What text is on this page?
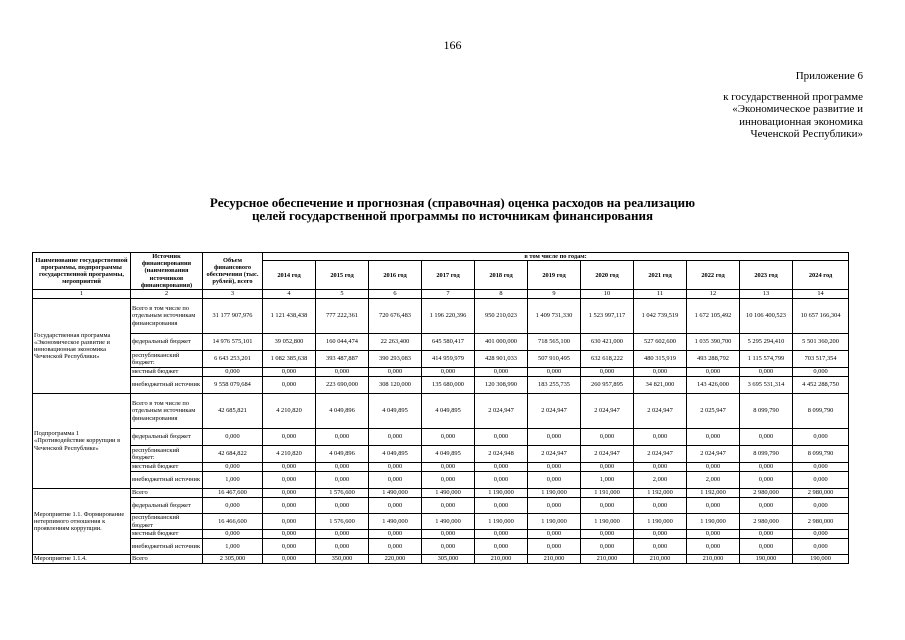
166
Приложение 6
к государственной программе
«Экономическое развитие и
инновационная экономика
Чеченской Республики»
Ресурсное обеспечение и прогнозная (справочная) оценка расходов на реализацию
целей государственной программы по источникам финансирования
Наименование государственной программы, подпрограммы государственной программы, мероприятий	Источник финансирования (наименования источников финансирования)	Объем финансового обеспечения (тыс. рублей), всего	в том числе по годам:										
			2014 год	2015 год	2016 год	2017 год	2018 год	2019 год	2020 год	2021 год	2022 год	2023 год	2024 год
1	2	3	4	5	6	7	8	9	10	11	12	13	14
Государственная программа «Экономическое развитие и инновационная экономика Чеченской Республики»	Всего в том числе по отдельным источникам финансирования	31 177 907,976	1 121 438,438	777 222,361	720 676,483	1 196 220,396	950 210,023	1 409 731,330	1 523 997,117	1 042 739,519	1 672 105,492	10 106 400,523	10 657 166,304
	федеральный бюджет	14 976 575,101	39 052,800	160 044,474	22 263,400	645 580,417	401 000,000	718 565,100	630 421,000	527 602,600	1 035 390,700	5 295 294,410	5 501 360,200
	республиканский бюджет:	6 643 253,201	1 082 385,638	393 487,887	390 293,083	414 959,979	428 901,033	507 910,495	632 618,222	480 315,919	493 288,792	1 115 574,799	703 517,354
	местный бюджет	0,000	0,000	0,000	0,000	0,000	0,000	0,000	0,000	0,000	0,000	0,000	0,000
	внебюджетный источник	9 558 079,684	0,000	223 690,000	308 120,000	135 680,000	120 308,990	183 255,735	260 957,895	34 821,000	143 426,000	3 695 531,314	4 452 288,750
Подпрограмма 1 «Противодействие коррупции в Чеченской Республике»	Всего в том числе по отдельным источникам финансирования	42 685,821	4 210,820	4 049,896	4 049,895	4 049,895	2 024,947	2 024,947	2 024,947	2 024,947	2 025,947	8 099,790	8 099,790
	федеральный бюджет	0,000	0,000	0,000	0,000	0,000	0,000	0,000	0,000	0,000	0,000	0,000	0,000
	республиканский бюджет:	42 684,822	4 210,820	4 049,896	4 049,895	4 049,895	2 024,948	2 024,947	2 024,947	2 024,947	2 024,947	8 099,790	8 099,790
	местный бюджет	0,000	0,000	0,000	0,000	0,000	0,000	0,000	0,000	0,000	0,000	0,000	0,000
	внебюджетный источник	1,000	0,000	0,000	0,000	0,000	0,000	0,000	1,000	2,000	2,000	0,000	0,000
Мероприятие 1.1. Формирование нетерпимого отношения к проявлениям коррупции.	Всего	16 467,600	0,000	1 576,600	1 490,000	1 490,000	1 190,000	1 190,000	1 191,000	1 192,000	1 192,000	2 980,000	2 980,000
	федеральный бюджет	0,000	0,000	0,000	0,000	0,000	0,000	0,000	0,000	0,000	0,000	0,000	0,000
	республиканский бюджет	16 466,600	0,000	1 576,600	1 490,000	1 490,000	1 190,000	1 190,000	1 190,000	1 190,000	1 190,000	2 980,000	2 980,000
	местный бюджет	0,000	0,000	0,000	0,000	0,000	0,000	0,000	0,000	0,000	0,000	0,000	0,000
	внебюджетный источник	1,000	0,000	0,000	0,000	0,000	0,000	0,000	0,000	0,000	0,000	0,000	0,000
Мероприятие 1.1.4.	Всего	2 305,000	0,000	350,000	220,000	305,000	210,000	210,000	210,000	210,000	210,000	190,000	190,000
